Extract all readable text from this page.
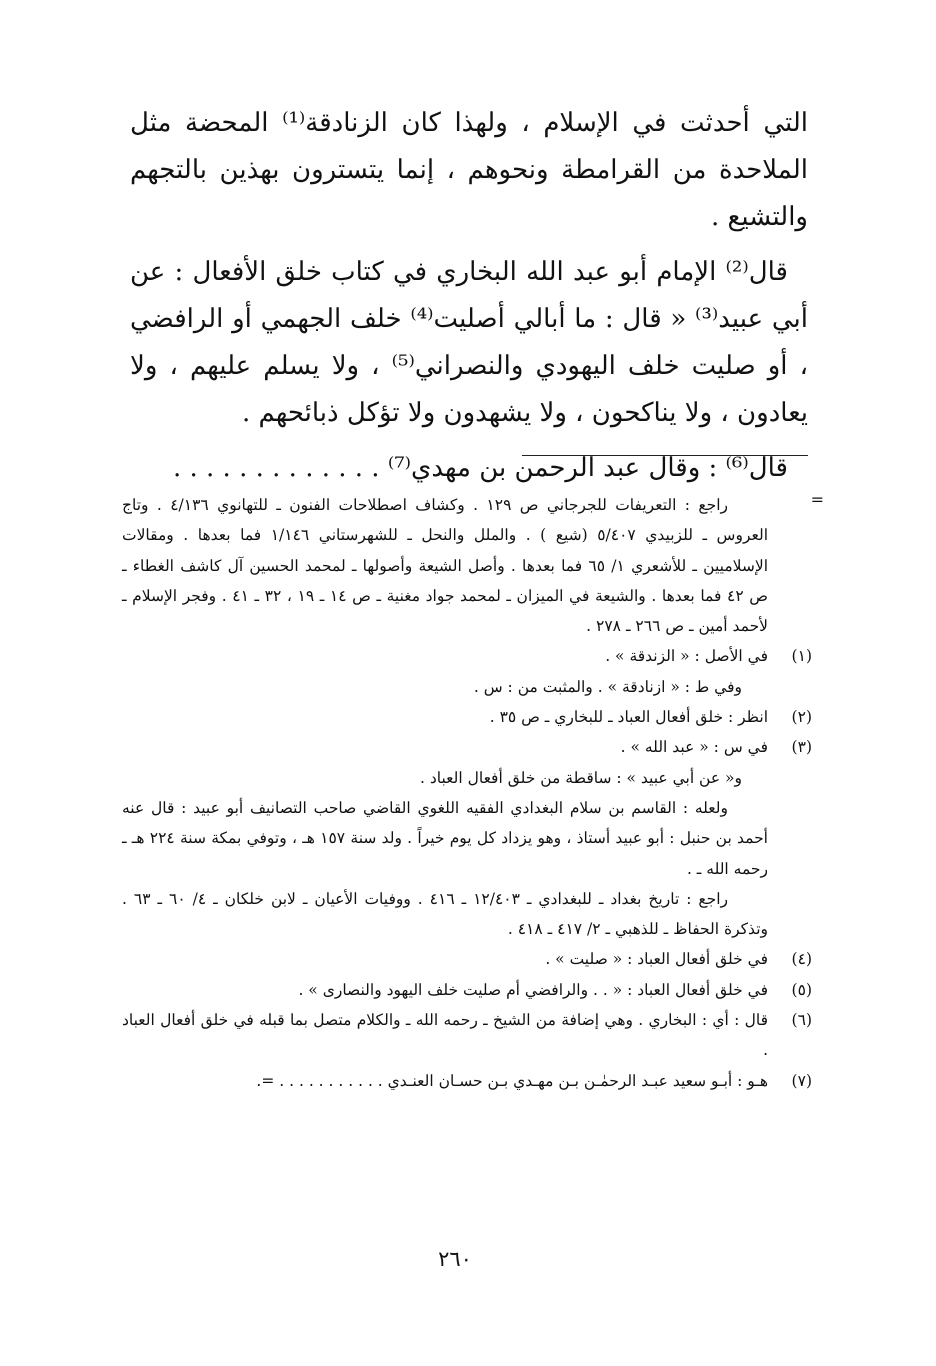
التي أحدثت في الإسلام ، ولهذا كان الزنادقة⁽¹⁾ المحضة مثل الملاحدة من القرامطة ونحوهم ، إنما يتسترون بهذين بالتجهم والتشيع .

قال⁽²⁾ الإمام أبو عبد الله البخاري في كتاب خلق الأفعال : عن أبي عبيد⁽³⁾ « قال : ما أبالي أصليت⁽⁴⁾ خلف الجهمي أو الرافضي ، أو صليت خلف اليهودي والنصراني⁽⁵⁾ ، ولا يسلم عليهم ، ولا يعادون ، ولا يناكحون ، ولا يشهدون ولا تؤكل ذبائحهم .

قال⁽⁶⁾ : وقال عبد الرحمن بن مهدي⁽⁷⁾ . . . . . . . . . . . . .

=
راجع : التعريفات للجرجاني ص ١٢٩ . وكشاف اصطلاحات الفنون ـ للتهانوي ٤/١٣٦ . وتاج العروس ـ للزبيدي ٥/٤٠٧ (شيع ) . والملل والنحل ـ للشهرستاني ١/١٤٦ فما بعدها . ومقالات الإسلاميين ـ للأشعري ١/ ٦٥ فما بعدها . وأصل الشيعة وأصولها ـ لمحمد الحسين آل كاشف الغطاء ـ ص ٤٢ فما بعدها . والشيعة في الميزان ـ لمحمد جواد مغنية ـ ص ١٤ ـ ١٩ ، ٣٢ ـ ٤١ . وفجر الإسلام ـ لأحمد أمين ـ ص ٢٦٦ ـ ٢٧٨ .
(١)
في الأصل : « الزندقة » .
وفي ط : « ازنادقة » . والمثبت من : س .
(٢)
انظر : خلق أفعال العباد ـ للبخاري ـ ص ٣٥ .
(٣)
في س : « عبد الله » .
و« عن أبي عبيد » : ساقطة من خلق أفعال العباد .
ولعله : القاسم بن سلام البغدادي الفقيه اللغوي القاضي صاحب التصانيف أبو عبيد : قال عنه أحمد بن حنبل : أبو عبيد أستاذ ، وهو يزداد كل يوم خيراً . ولد سنة ١٥٧ هـ ، وتوفي بمكة سنة ٢٢٤ هـ ـ رحمه الله ـ .
راجع : تاريخ بغداد ـ للبغدادي ـ ١٢/٤٠٣ ـ ٤١٦ . ووفيات الأعيان ـ لابن خلكان ـ ٤/ ٦٠ ـ ٦٣ . وتذكرة الحفاظ ـ للذهبي ـ ٢/ ٤١٧ ـ ٤١٨ .
(٤)
في خلق أفعال العباد : « صليت » .
(٥)
في خلق أفعال العباد : « . . والرافضي أم صليت خلف اليهود والنصارى » .
(٦)
قال : أي : البخاري . وهي إضافة من الشيخ ـ رحمه الله ـ والكلام متصل بما قبله في خلق أفعال العباد .
(٧)
هـو : أبـو سعيد عبـد الرحمٰـن بـن مهـدي بـن حسـان العنـدي . . . . . . . . . . . =.
٢٦٠
